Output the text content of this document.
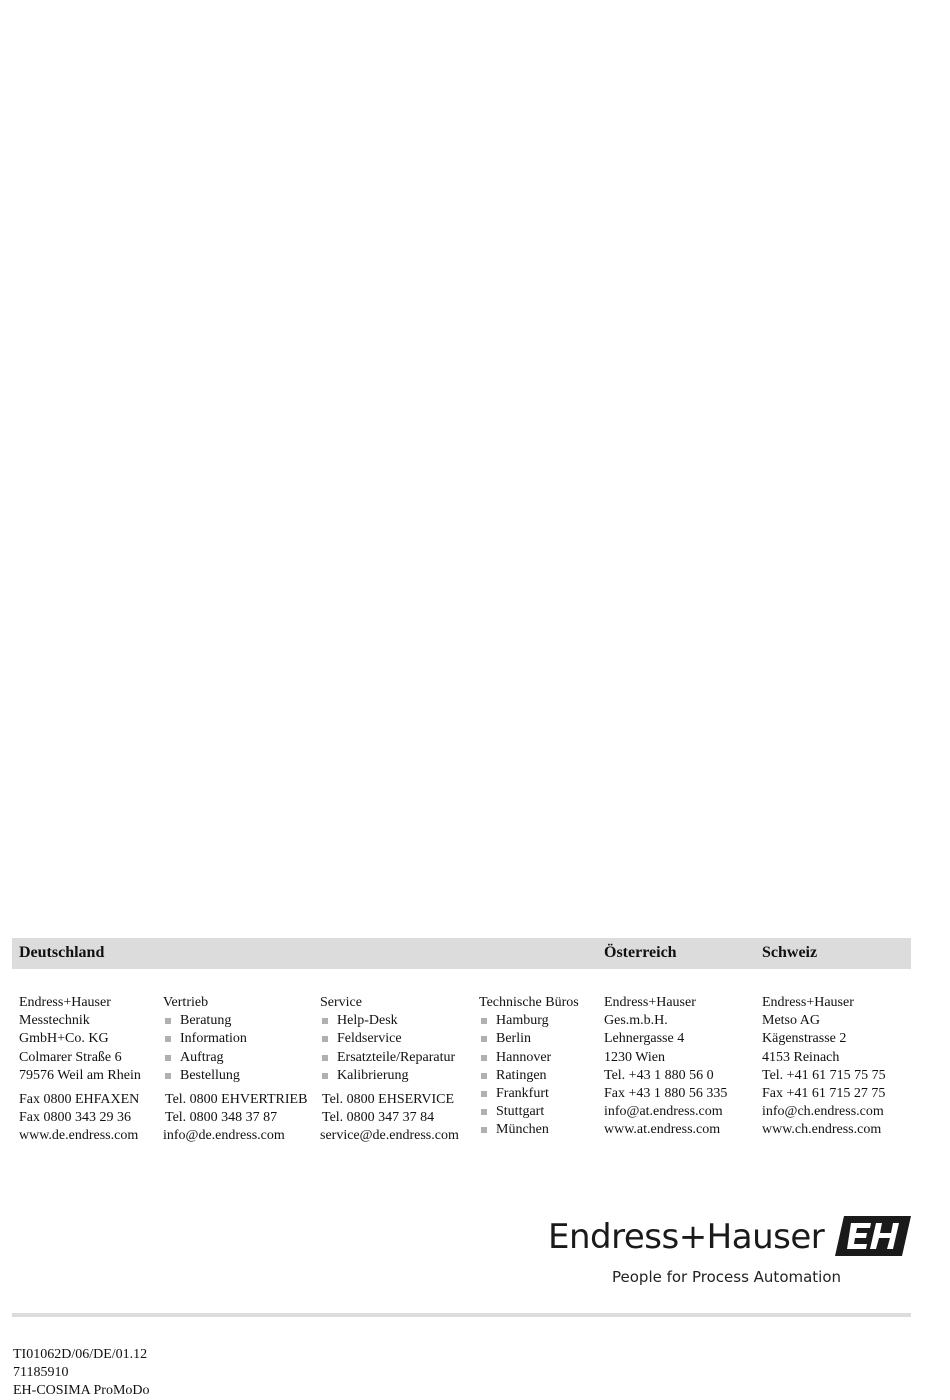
Deutschland	Österreich	Schweiz
Endress+Hauser
Messtechnik
GmbH+Co. KG
Colmarer Straße 6
79576 Weil am Rhein
Fax 0800 EHFAXEN
Fax 0800 343 29 36
www.de.endress.com
Vertrieb
Beratung
Information
Auftrag
Bestellung
Tel. 0800 EHVERTRIEB
Tel. 0800 348 37 87
info@de.endress.com
Service
Help-Desk
Feldservice
Ersatzteile/Reparatur
Kalibrierung
Tel. 0800 EHSERVICE
Tel. 0800 347 37 84
service@de.endress.com
Technische Büros
Hamburg
Berlin
Hannover
Ratingen
Frankfurt
Stuttgart
München
Endress+Hauser
Ges.m.b.H.
Lehnergasse 4
1230 Wien
Tel. +43 1 880 56 0
Fax +43 1 880 56 335
info@at.endress.com
www.at.endress.com
Endress+Hauser
Metso AG
Kägenstrasse 2
4153 Reinach
Tel. +41 61 715 75 75
Fax +41 61 715 27 75
info@ch.endress.com
www.ch.endress.com
Endress+Hauser
People for Process Automation
TI01062D/06/DE/01.12
71185910
EH-COSIMA ProMoDo
